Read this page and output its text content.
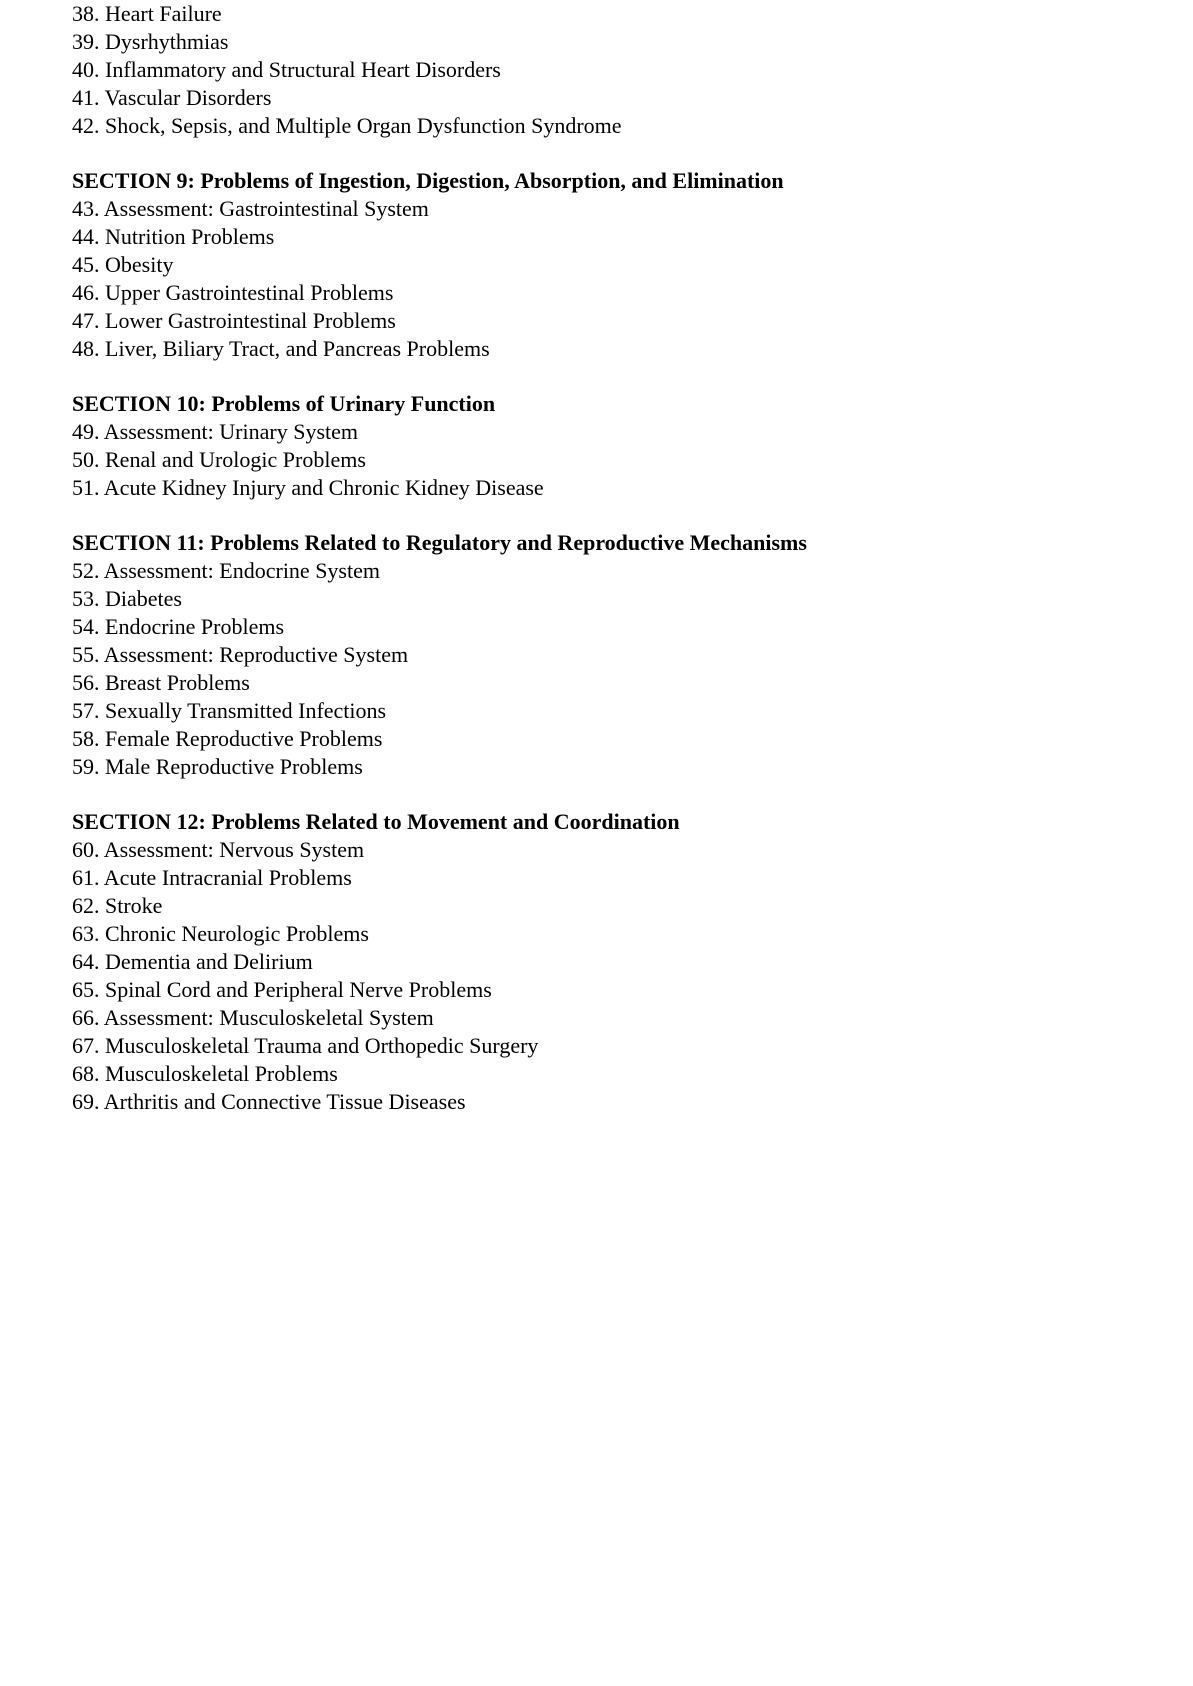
38. Heart Failure

39. Dysrhythmias

40. Inflammatory and Structural Heart Disorders

41. Vascular Disorders

42. Shock, Sepsis, and Multiple Organ Dysfunction Syndrome

SECTION 9: Problems of Ingestion, Digestion, Absorption, and Elimination

43. Assessment: Gastrointestinal System

44. Nutrition Problems

45. Obesity

46. Upper Gastrointestinal Problems

47. Lower Gastrointestinal Problems

48. Liver, Biliary Tract, and Pancreas Problems

SECTION 10: Problems of Urinary Function

49. Assessment: Urinary System

50. Renal and Urologic Problems

51. Acute Kidney Injury and Chronic Kidney Disease

SECTION 11: Problems Related to Regulatory and Reproductive Mechanisms

52. Assessment: Endocrine System

53. Diabetes

54. Endocrine Problems

55. Assessment: Reproductive System

56. Breast Problems

57. Sexually Transmitted Infections

58. Female Reproductive Problems

59. Male Reproductive Problems

SECTION 12: Problems Related to Movement and Coordination

60. Assessment: Nervous System

61. Acute Intracranial Problems

62. Stroke

63. Chronic Neurologic Problems

64. Dementia and Delirium

65. Spinal Cord and Peripheral Nerve Problems

66. Assessment: Musculoskeletal System

67. Musculoskeletal Trauma and Orthopedic Surgery

68. Musculoskeletal Problems

69. Arthritis and Connective Tissue Diseases
